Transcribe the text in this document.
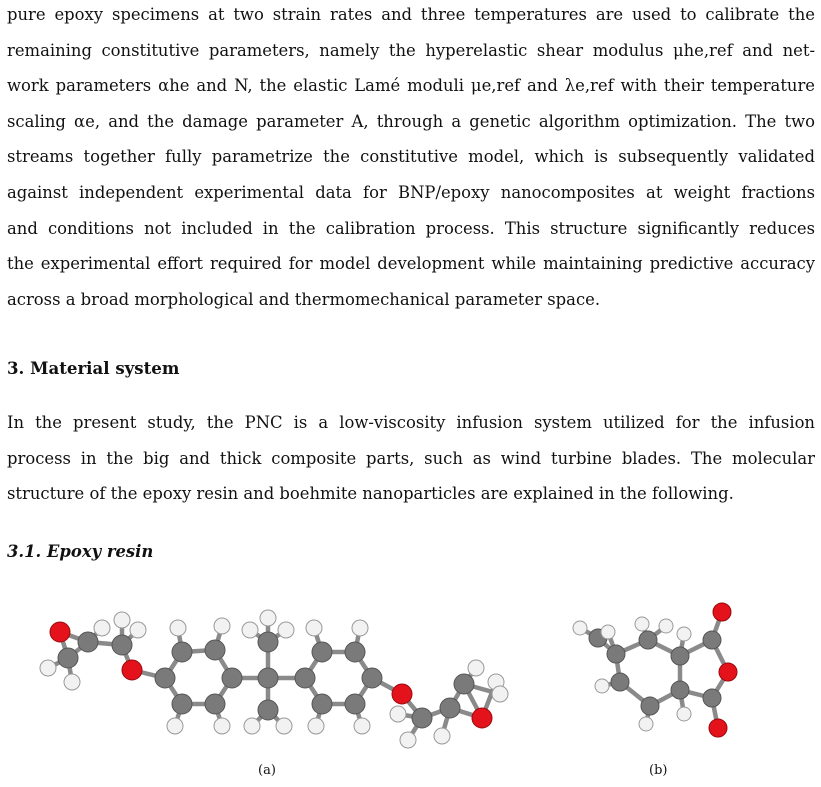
pure epoxy specimens at two strain rates and three temperatures are used to calibrate the
remaining constitutive parameters, namely the hyperelastic shear modulus μhe,ref and net-
work parameters αhe and N, the elastic Lamé moduli μe,ref and λe,ref with their temperature
scaling αe, and the damage parameter A, through a genetic algorithm optimization. The two
streams together fully parametrize the constitutive model, which is subsequently validated
against independent experimental data for BNP/epoxy nanocomposites at weight fractions
and conditions not included in the calibration process. This structure significantly reduces
the experimental effort required for model development while maintaining predictive accuracy
across a broad morphological and thermomechanical parameter space.

3. Material system

In the present study, the PNC is a low-viscosity infusion system utilized for the infusion
process in the big and thick composite parts, such as wind turbine blades. The molecular
structure of the epoxy resin and boehmite nanoparticles are explained in the following.

3.1. Epoxy resin
(a)	(b)
